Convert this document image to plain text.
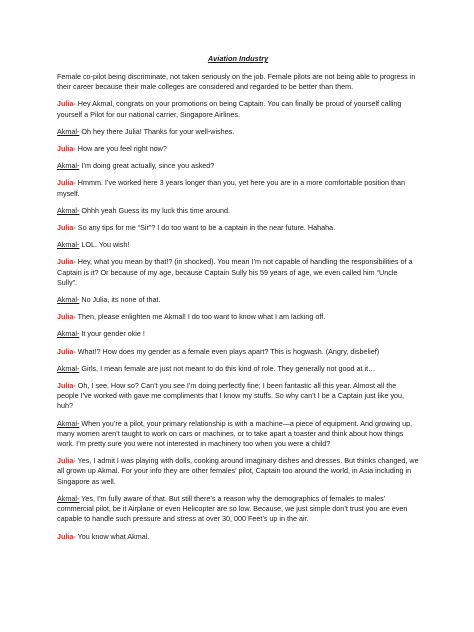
Aviation Industry
Female co-pilot being discriminate, not taken seriously on the job. Female pilots are not being able to progress in their career because their male colleges are considered and regarded to be better than them.
Julia- Hey Akmal, congrats on your promotions on being Captain. You can finally be proud of yourself calling yourself a Pilot for our national carrier, Singapore Airlines.
Akmal- Oh hey there Julia! Thanks for your well-wishes.
Julia- How are you feel right now?
Akmal- I’m doing great actually, since you asked?
Julia- Hmmm. I’ve worked here 3 years longer than you, yet here you are in a more comfortable position than myself.
Akmal- Ohhh yeah Guess its my luck this time around.
Julia- So any tips for me “Sir”? I do too want to be a captain in the near future. Hahaha.
Akmal- LOL. You wish!
Julia- Hey, what you mean by that!? (in shocked). You mean I’m not capable of handling the responsibilities of a Captain is it? Or because of my age, because Captain Sully his 59 years of age, we even called him “Uncle Sully”.
Akmal- No Julia, its none of that.
Julia- Then, please enlighten me Akmal! I do too want to know what I am lacking off.
Akmal- It your gender okie !
Julia- What!? How does my gender as a female even plays apart? This is hogwash. (Angry, disbelief)
Akmal- Girls, I mean female are just not meant to do this kind of role. They generally not good at it…
Julia- Oh, I see. How so? Can’t you see I’m doing perfectly fine; I been fantastic all this year. Almost all the people I’ve worked with gave me compliments that I know my stuffs. So why can’t I be a Captain just like you, huh?
Akmal- When you’re a pilot, your primary relationship is with a machine—a piece of equipment. And growing up, many women aren’t taught to work on cars or machines, or to take apart a toaster and think about how things work. I’m pretty sure you were not interested in machinery too when you were a child?
Julia- Yes, I admit I was playing with dolls, cooking around imaginary dishes and dresses. But thinks changed, we all grown up Akmal. For your info they are other females’ pilot, Captain too around the world, in Asia including in Singapore as well.
Akmal- Yes, I’m fully aware of that. But still there’s a reason why the demographics of females to males’ commercial pilot, be it Airplane or even Helicopter are so low. Because, we just simple don’t trust you are even capable to handle such pressure and stress at over 30, 000 Feet’s up in the air.
Julia- You know what Akmal.
